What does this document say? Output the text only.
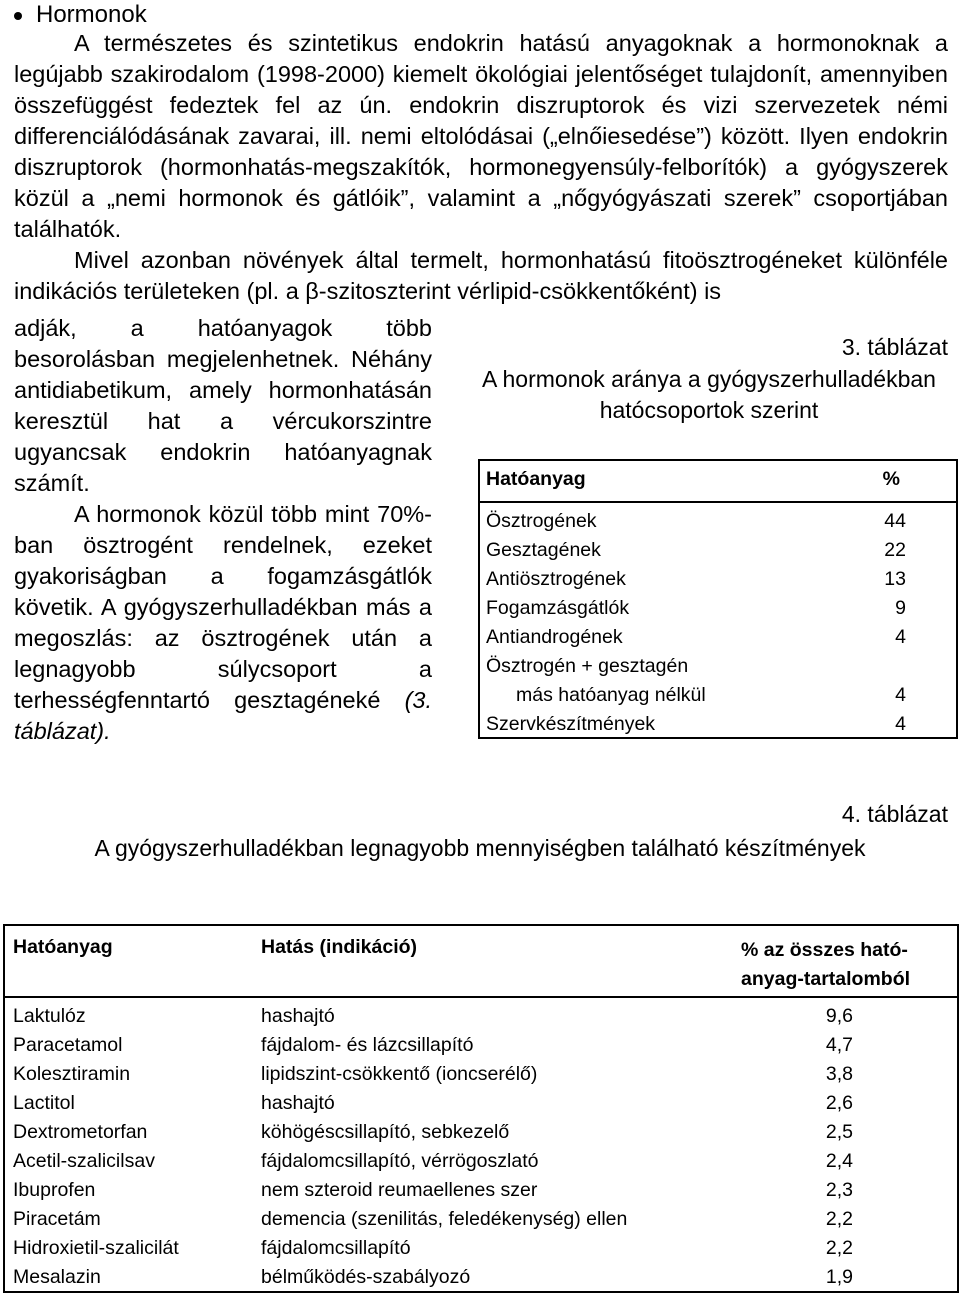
Hormonok

A természetes és szintetikus endokrin hatású anyagoknak a hormonoknak a legújabb szakirodalom (1998-2000) kiemelt ökológiai jelentőséget tulajdonít, amennyiben összefüggést fedeztek fel az ún. endokrin diszruptorok és vizi szervezetek némi differenciálódásának zavarai, ill. nemi eltolódásai („elnőiesedése”) között. Ilyen endokrin diszruptorok (hormonhatás-megszakítók, hormonegyensúly-felborítók) a gyógyszerek közül a „nemi hormonok és gátlóik”, valamint a „nőgyógyászati szerek” csoportjában találhatók.

Mivel azonban növények által termelt, hormonhatású fitoösztrogéneket különféle indikációs területeken (pl. a β-szitoszterint vérlipid-csökkentőként) is

adják, a hatóanyagok több besorolásban megjelenhetnek. Néhány antidiabetikum, amely hormonhatásán keresztül hat a vércukorszintre ugyancsak endokrin hatóanyagnak számít.

A hormonok közül több mint 70%-ban ösztrogént rendelnek, ezeket gyakoriságban a fogamzásgátlók követik. A gyógyszerhulladékban más a megoszlás: az ösztrogének után a legnagyobb súlycsoport a terhességfenntartó gesztagéneké (3. táblázat).

3. táblázat
A hormonok aránya a gyógyszerhulladékban hatócsoportok szerint
Hatóanyag	%
Ösztrogének	44
Gesztagének	22
Antiösztrogének	13
Fogamzásgátlók	9
Antiandrogének	4
Ösztrogén + gesztagén
más hatóanyag nélkül	4
Szervkészítmények	4
4. táblázat
A gyógyszerhulladékban legnagyobb mennyiségben található készítmények
Hatóanyag	Hatás (indikáció)	% az összes ható-
anyag-tartalomból
Laktulóz	hashajtó	9,6
Paracetamol	fájdalom- és lázcsillapító	4,7
Kolesztiramin	lipidszint-csökkentő (ioncserélő)	3,8
Lactitol	hashajtó	2,6
Dextrometorfan	köhögéscsillapító, sebkezelő	2,5
Acetil-szalicilsav	fájdalomcsillapító, vérrögoszlató	2,4
Ibuprofen	nem szteroid reumaellenes szer	2,3
Piracetám	demencia (szenilitás, feledékenység) ellen	2,2
Hidroxietil-szalicilát	fájdalomcsillapító	2,2
Mesalazin	bélműködés-szabályozó	1,9
